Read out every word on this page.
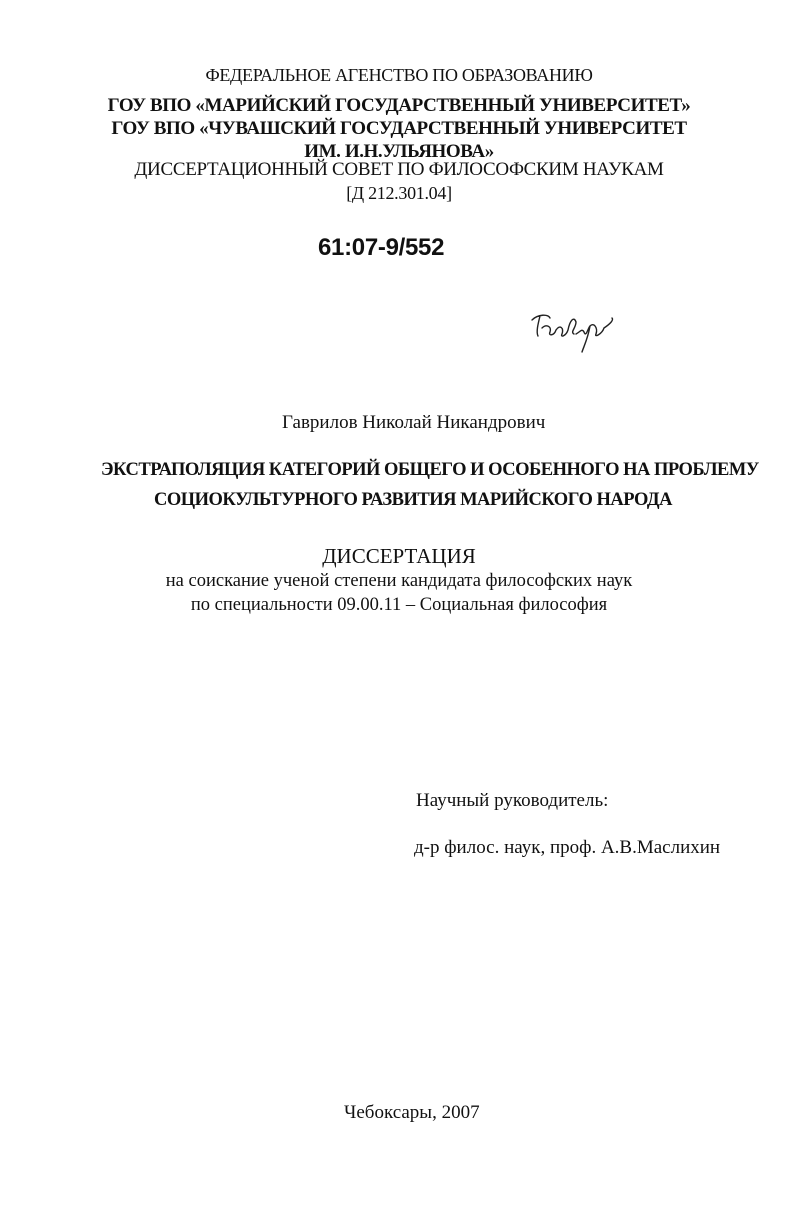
ФЕДЕРАЛЬНОЕ АГЕНСТВО ПО ОБРАЗОВАНИЮ
ГОУ ВПО «МАРИЙСКИЙ ГОСУДАРСТВЕННЫЙ УНИВЕРСИТЕТ»
ГОУ ВПО «ЧУВАШСКИЙ ГОСУДАРСТВЕННЫЙ УНИВЕРСИТЕТ
ИМ. И.Н.УЛЬЯНОВА»
ДИССЕРТАЦИОННЫЙ СОВЕТ ПО ФИЛОСОФСКИМ НАУКАМ
[Д 212.301.04]
61:07-9/552
Гаврилов Николай Никандрович
ЭКСТРАПОЛЯЦИЯ КАТЕГОРИЙ ОБЩЕГО И ОСОБЕННОГО НА ПРОБЛЕМУ
СОЦИОКУЛЬТУРНОГО РАЗВИТИЯ МАРИЙСКОГО НАРОДА
ДИССЕРТАЦИЯ
на соискание ученой степени кандидата философских наук
по специальности 09.00.11 – Социальная философия
Научный руководитель:
д-р филос. наук, проф. А.В.Маслихин
Чебоксары, 2007
